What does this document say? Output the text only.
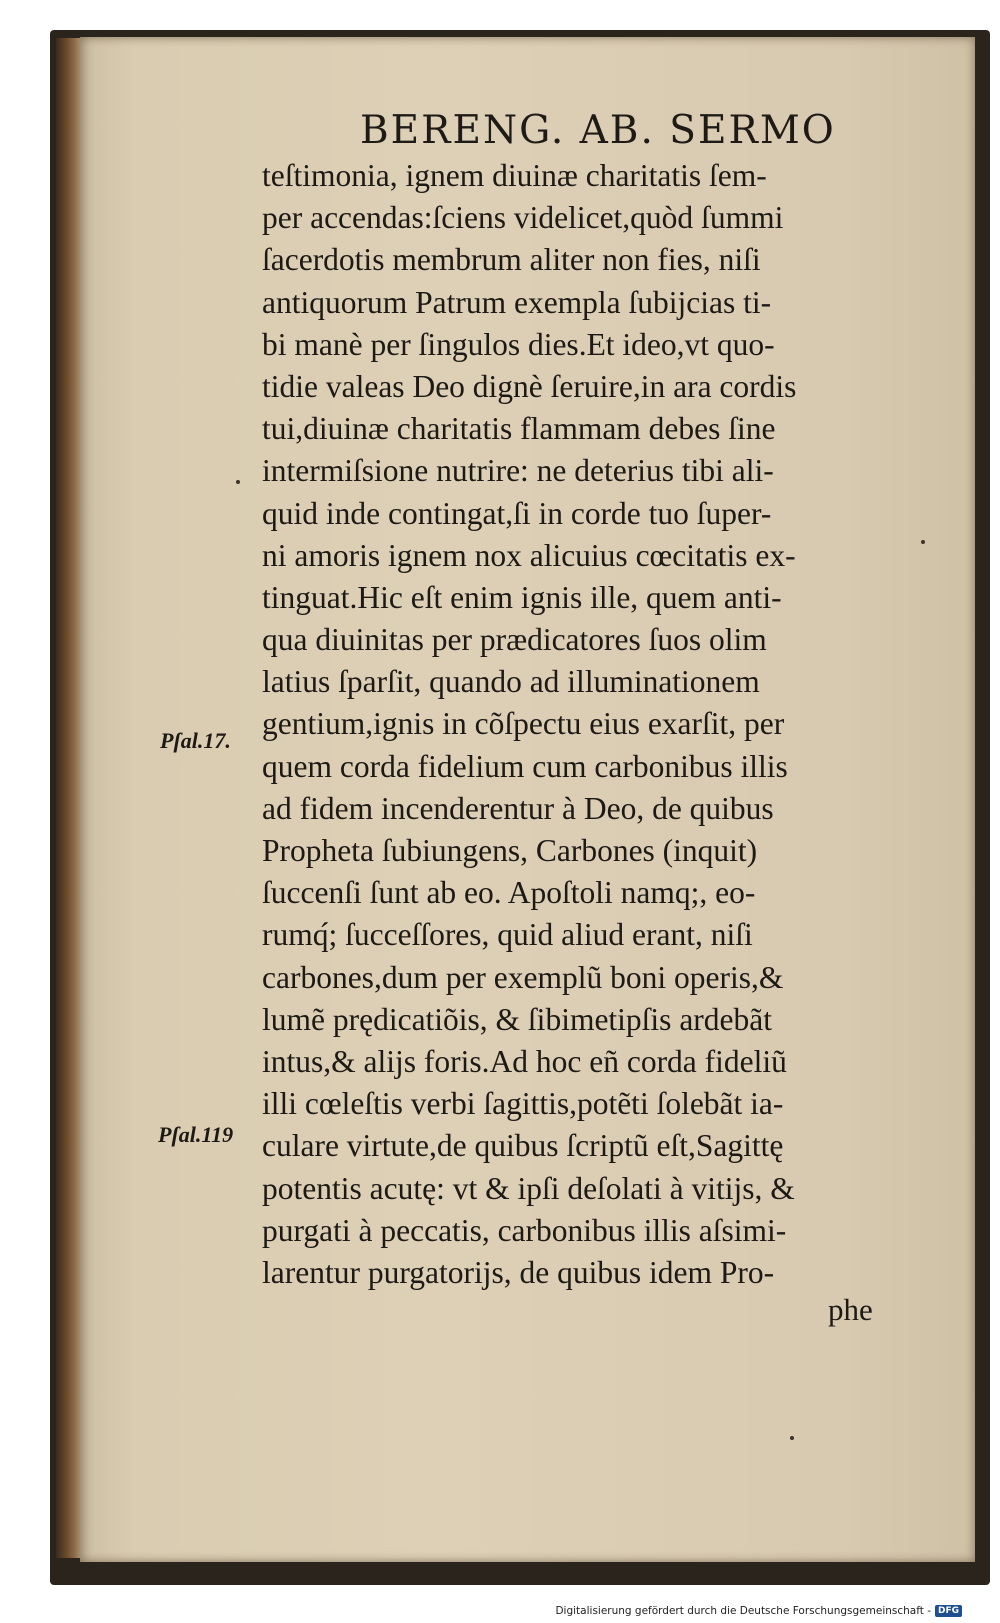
BERENG. AB. SERMO
teſtimonia, ignem diuinæ charitatis ſem-
per accendas:ſciens videlicet,quòd ſummi
ſacerdotis membrum aliter non fies, niſi
antiquorum Patrum exempla ſubijcias ti-
bi manè per ſingulos dies.Et ideo,vt quo-
tidie valeas Deo dignè ſeruire,in ara cordis
tui,diuinæ charitatis flammam debes ſine
intermiſsione nutrire: ne deterius tibi ali-
quid inde contingat,ſi in corde tuo ſuper-
ni amoris ignem nox alicuius cœcitatis ex-
tinguat.Hic eſt enim ignis ille, quem anti-
qua diuinitas per prædicatores ſuos olim
latius ſparſit, quando ad illuminationem
gentium,ignis in cõſpectu eius exarſit, per
quem corda fidelium cum carbonibus illis
ad fidem incenderentur à Deo, de quibus
Propheta ſubiungens, Carbones (inquit)
ſuccenſi ſunt ab eo. Apoſtoli namq;, eo-
rumq́; ſucceſſores, quid aliud erant, niſi
carbones,dum per exemplũ boni operis,&
lumẽ prędicatiõis, & ſibimetipſis ardebãt
intus,& alijs foris.Ad hoc eñ corda fideliũ
illi cœleſtis verbi ſagittis,potẽti ſolebãt ia-
culare virtute,de quibus ſcriptũ eſt,Sagittę
potentis acutę: vt & ipſi deſolati à vitijs, &
purgati à peccatis, carbonibus illis aſsimi-
larentur purgatorijs, de quibus idem Pro-
Pſal.17.
Pſal.119
phe
Digitalisierung gefördert durch die Deutsche Forschungsgemeinschaft - DFG
